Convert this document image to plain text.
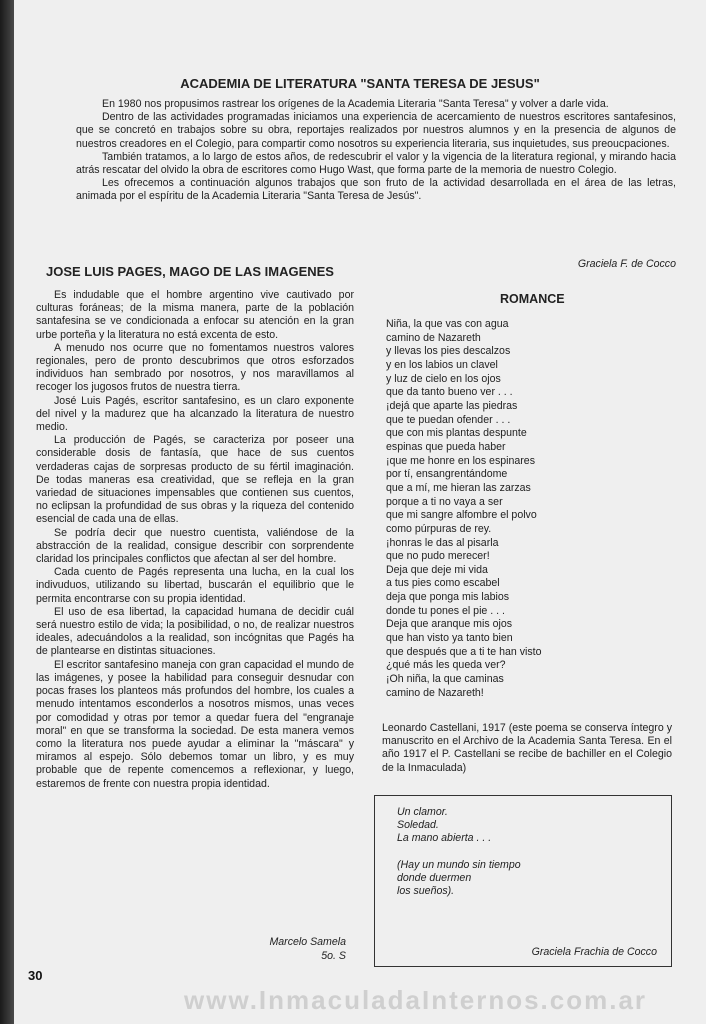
ACADEMIA DE LITERATURA "SANTA TERESA DE JESUS"

En 1980 nos propusimos rastrear los orígenes de la Academia Literaria "Santa Teresa" y volver a darle vida.

Dentro de las actividades programadas iniciamos una experiencia de acercamiento de nuestros escritores santafesinos, que se concretó en trabajos sobre su obra, reportajes realizados por nuestros alumnos y en la presencia de algunos de nuestros creadores en el Colegio, para compartir como nosotros su experiencia literaria, sus inquietudes, sus preoucpaciones.

También tratamos, a lo largo de estos años, de redescubrir el valor y la vigencia de la literatura regional, y mirando hacia atrás rescatar del olvido la obra de escritores como Hugo Wast, que forma parte de la memoria de nuestro Colegio.

Les ofrecemos a continuación algunos trabajos que son fruto de la actividad desarrollada en el área de las letras, animada por el espíritu de la Academia Literaria "Santa Teresa de Jesús".

Graciela F. de Cocco
JOSE LUIS PAGES, MAGO DE LAS IMAGENES

Es indudable que el hombre argentino vive cautivado por culturas foráneas; de la misma manera, parte de la población santafesina se ve condicionada a enfocar su atención en la gran urbe porteña y la literatura no está excenta de esto.

A menudo nos ocurre que no fomentamos nuestros valores regionales, pero de pronto descubrimos que otros esforzados individuos han sembrado por nosotros, y nos maravillamos al recoger los jugosos frutos de nuestra tierra.

José Luis Pagés, escritor santafesino, es un claro exponente del nivel y la madurez que ha alcanzado la literatura de nuestro medio.

La producción de Pagés, se caracteriza por poseer una considerable dosis de fantasía, que hace de sus cuentos verdaderas cajas de sorpresas producto de su fértil imaginación. De todas maneras esa creatividad, que se refleja en la gran variedad de situaciones impensables que contienen sus cuentos, no eclipsan la profundidad de sus obras y la riqueza del contenido esencial de cada una de ellas.

Se podría decir que nuestro cuentista, valiéndose de la abstracción de la realidad, consigue describir con sorprendente claridad los principales conflictos que afectan al ser del hombre.

Cada cuento de Pagés representa una lucha, en la cual los indivuduos, utilizando su libertad, buscarán el equilibrio que le permita encontrarse con su propia identidad.

El uso de esa libertad, la capacidad humana de decidir cuál será nuestro estilo de vida; la posibilidad, o no, de realizar nuestros ideales, adecuándolos a la realidad, son incógnitas que Pagés ha de plantearse en distintas situaciones.

El escritor santafesino maneja con gran capacidad el mundo de las imágenes, y posee la habilidad para conseguir desnudar con pocas frases los planteos más profundos del hombre, los cuales a menudo intentamos esconderlos a nosotros mismos, unas veces por comodidad y otras por temor a quedar fuera del "engranaje moral" en que se transforma la sociedad. De esta manera vemos como la literatura nos puede ayudar a eliminar la "máscara" y miramos al espejo. Sólo debemos tomar un libro, y es muy probable que de repente comencemos a reflexionar, y luego, estaremos de frente con nuestra propia identidad.

Marcelo Samela
5o. S
ROMANCE
Niña, la que vas con agua
camino de Nazareth
y llevas los pies descalzos
y en los labios un clavel
y luz de cielo en los ojos
que da tanto bueno ver . . .
¡dejá que aparte las piedras
que te puedan ofender . . .
que con mis plantas despunte
espinas que pueda haber
¡que me honre en los espinares
por tí, ensangrentándome
que a mí, me hieran las zarzas
porque a ti no vaya a ser
que mi sangre alfombre el polvo
como púrpuras de rey.
¡honras le das al pisarla
que no pudo merecer!
Deja que deje mi vida
a tus pies como escabel
deja que ponga mis labios
donde tu pones el pie . . .
Deja que aranque mis ojos
que han visto ya tanto bien
que después que a ti te han visto
¿qué más les queda ver?
¡Oh niña, la que caminas
camino de Nazareth!
Leonardo Castellani, 1917 (este poema se conserva íntegro y manuscrito en el Archivo de la Academia Santa Teresa. En el año 1917 el P. Castellani se recibe de bachiller en el Colegio de la Inmaculada)
Un clamor.
Soledad.
La mano abierta . . .

(Hay un mundo sin tiempo
donde duermen
los sueños).
Graciela Frachia de Cocco
30
www.InmaculadaInternos.com.ar
